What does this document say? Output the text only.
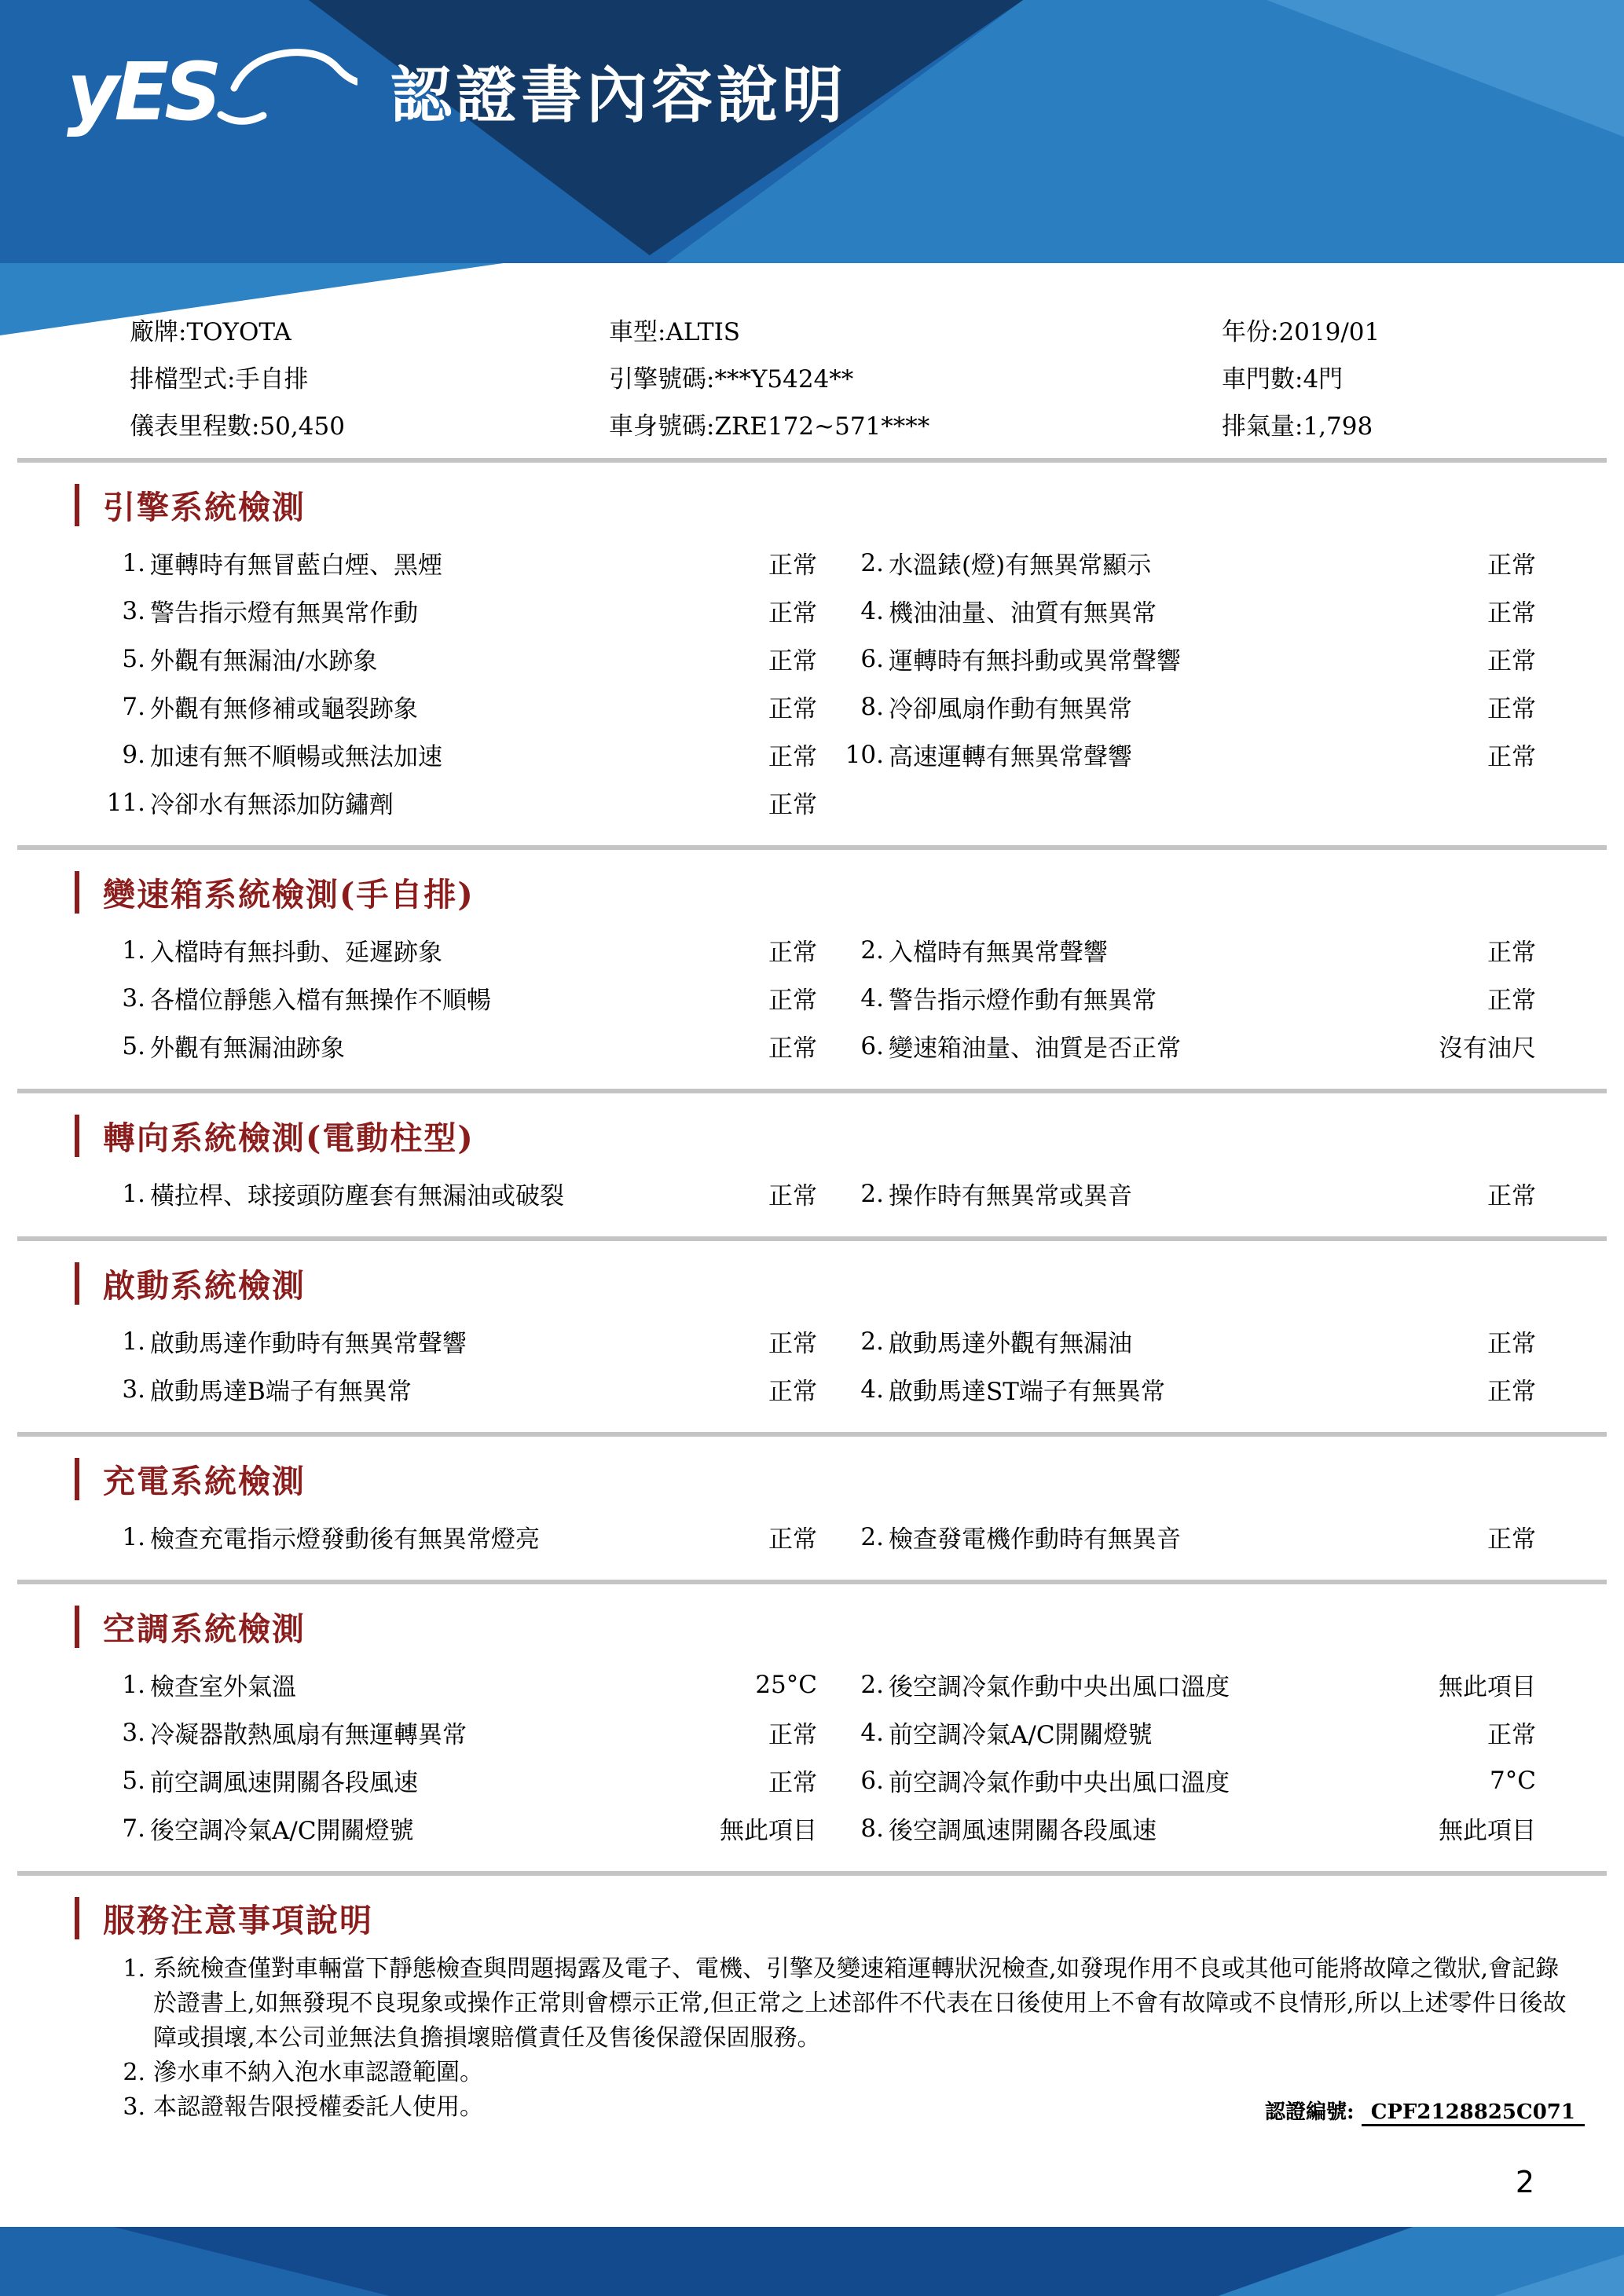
yES	認證書內容說明
廠牌:TOYOTA	車型:ALTIS	年份:2019/01
排檔型式:手自排	引擎號碼:***Y5424**	車門數:4門
儀表里程數:50,450	車身號碼:ZRE172~571****	排氣量:1,798
引擎系統檢測
1. 運轉時有無冒藍白煙、黑煙	正常	2. 水溫錶(燈)有無異常顯示	正常
3. 警告指示燈有無異常作動	正常	4. 機油油量、油質有無異常	正常
5. 外觀有無漏油/水跡象	正常	6. 運轉時有無抖動或異常聲響	正常
7. 外觀有無修補或龜裂跡象	正常	8. 冷卻風扇作動有無異常	正常
9. 加速有無不順暢或無法加速	正常 10. 高速運轉有無異常聲響	正常
11. 冷卻水有無添加防鏽劑	正常
變速箱系統檢測(手自排)
1. 入檔時有無抖動、延遲跡象	正常	2. 入檔時有無異常聲響	正常
3. 各檔位靜態入檔有無操作不順暢	正常	4. 警告指示燈作動有無異常	正常
5. 外觀有無漏油跡象	正常	6. 變速箱油量、油質是否正常	沒有油尺
轉向系統檢測(電動柱型)
1. 橫拉桿、球接頭防塵套有無漏油或破裂	正常	2. 操作時有無異常或異音	正常
啟動系統檢測
1. 啟動馬達作動時有無異常聲響	正常	2. 啟動馬達外觀有無漏油	正常
3. 啟動馬達B端子有無異常	正常	4. 啟動馬達ST端子有無異常	正常
充電系統檢測
1. 檢查充電指示燈發動後有無異常燈亮	正常	2. 檢查發電機作動時有無異音	正常
空調系統檢測
1. 檢查室外氣溫	25°C	2. 後空調冷氣作動中央出風口溫度	無此項目
3. 冷凝器散熱風扇有無運轉異常	正常	4. 前空調冷氣A/C開關燈號	正常
5. 前空調風速開關各段風速	正常	6. 前空調冷氣作動中央出風口溫度	7°C
7. 後空調冷氣A/C開關燈號	無此項目	8. 後空調風速開關各段風速	無此項目
服務注意事項說明
1. 系統檢查僅對車輛當下靜態檢查與問題揭露及電子、電機、引擎及變速箱運轉狀況檢查,如發現作用不良或其他可能將故障之徵狀,會記錄於證書上,如無發現不良現象或操作正常則會標示正常,但正常之上述部件不代表在日後使用上不會有故障或不良情形,所以上述零件日後故障或損壞,本公司並無法負擔損壞賠償責任及售後保證保固服務。
2. 滲水車不納入泡水車認證範圍。
3. 本認證報告限授權委託人使用。	認證編號: CPF2128825C071
2
